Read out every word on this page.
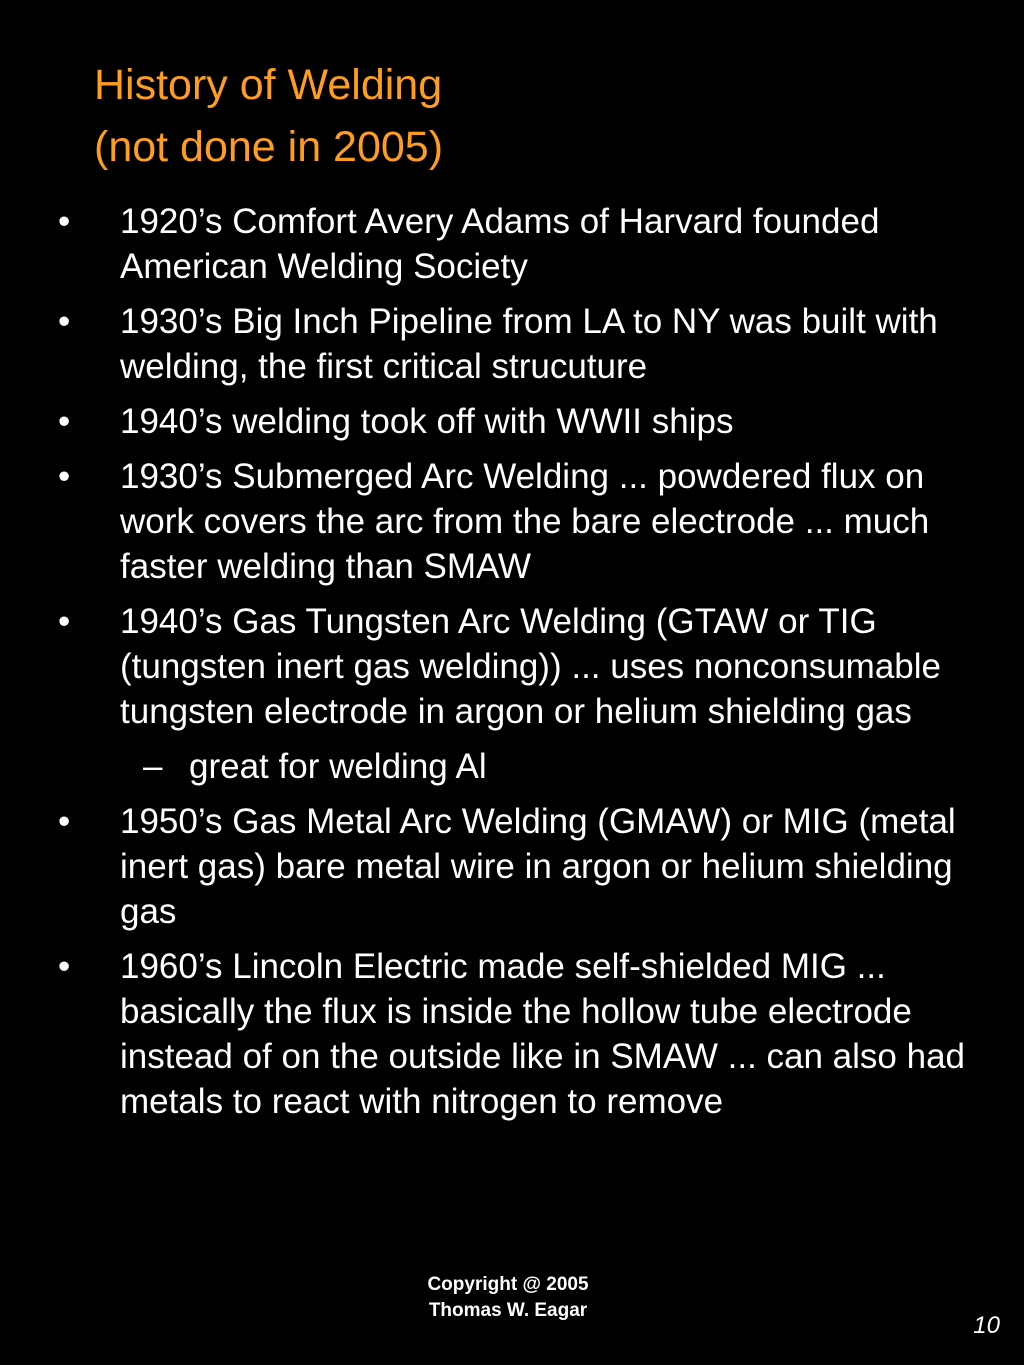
History of Welding
(not done in 2005)
•	1920’s Comfort Avery Adams of Harvard founded American Welding Society
•	1930’s Big Inch Pipeline from LA to NY was built with welding, the first critical strucuture
•	1940’s welding took off with WWII ships
•	1930’s Submerged Arc Welding ... powdered flux on work covers the arc from the bare electrode ... much faster welding than SMAW
•	1940’s Gas Tungsten Arc Welding (GTAW or TIG (tungsten inert gas welding)) ... uses nonconsumable tungsten electrode in argon or helium shielding gas
– great for welding Al
•	1950’s Gas Metal Arc Welding (GMAW) or MIG (metal inert gas) bare metal wire in argon or helium shielding gas
•	1960’s Lincoln Electric made self-shielded MIG ... basically the flux is inside the hollow tube electrode instead of on the outside like in SMAW ... can also had metals to react with nitrogen to remove
Copyright @ 2005
Thomas W. Eagar
10
